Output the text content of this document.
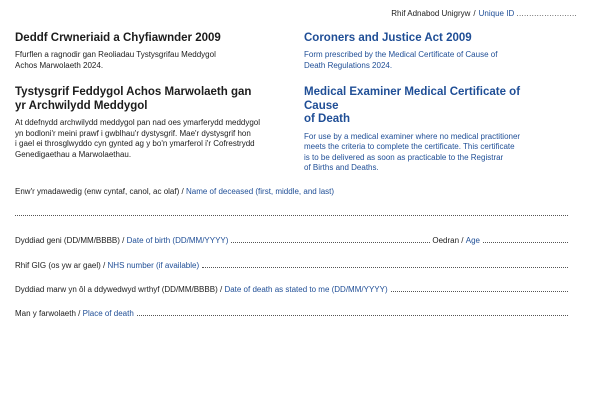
Rhif Adnabod Unigryw / Unique ID ........................
Deddf Crwneriaid a Chyfiawnder 2009

Ffurflen a ragnodir gan Reoliadau Tystysgrifau Meddygol

Achos Marwolaeth 2024.

Tystysgrif Feddygol Achos Marwolaeth gan
yr Archwilydd Meddygol

At ddefnydd archwilydd meddygol pan nad oes ymarferydd meddygol

yn bodloni'r meini prawf i gwblhau'r dystysgrif. Mae'r dystysgrif hon

i gael ei throsglwyddo cyn gynted ag y bo'n ymarferol i'r Cofrestrydd

Genedigaethau a Marwolaethau.

Coroners and Justice Act 2009

Form prescribed by the Medical Certificate of Cause of

Death Regulations 2024.

Medical Examiner Medical Certificate of Cause
of Death

For use by a medical examiner where no medical practitioner

meets the criteria to complete the certificate. This certificate

is to be delivered as soon as practicable to the Registrar

of Births and Deaths.

Enw'r ymadawedig (enw cyntaf, canol, ac olaf)
/
Name of deceased (first, middle, and last)
Dyddiad geni (DD/MM/BBBB)
/
Date of birth (DD/MM/YYYY)	Oedran
/
Age
Rhif GIG (os yw ar gael)
/
NHS number (if available)
Dyddiad marw yn ôl a ddywedwyd wrthyf (DD/MM/BBBB)
/
Date of death as stated to me (DD/MM/YYYY)
Man y farwolaeth
/
Place of death
